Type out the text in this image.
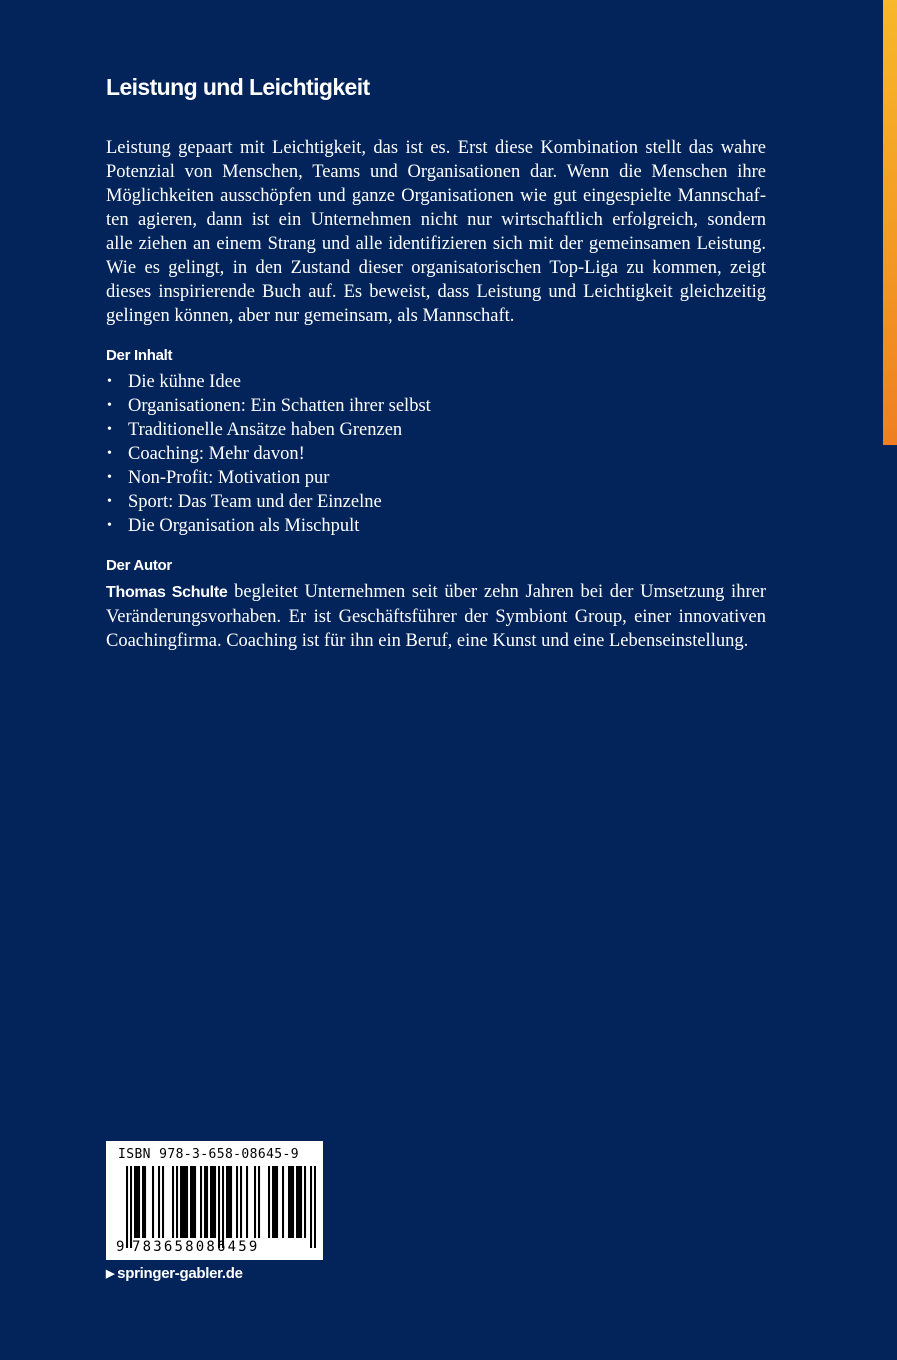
Leistung und Leichtigkeit

Leistung gepaart mit Leichtigkeit, das ist es. Erst diese Kombination stellt das wahre
Potenzial von Menschen, Teams und Organisationen dar. Wenn die Menschen ihre
Möglichkeiten ausschöpfen und ganze Organisationen wie gut eingespielte Mannschaf-
ten agieren, dann ist ein Unternehmen nicht nur wirtschaftlich erfolgreich, sondern
alle ziehen an einem Strang und alle identifizieren sich mit der gemeinsamen Leistung.
Wie es gelingt, in den Zustand dieser organisatorischen Top-Liga zu kommen, zeigt
dieses inspirierende Buch auf. Es beweist, dass Leistung und Leichtigkeit gleichzeitig
gelingen können, aber nur gemeinsam, als Mannschaft.

Der Inhalt
• Die kühne Idee
• Organisationen: Ein Schatten ihrer selbst
• Traditionelle Ansätze haben Grenzen
• Coaching: Mehr davon!
• Non-Profit: Motivation pur
• Sport: Das Team und der Einzelne
• Die Organisation als Mischpult
Der Autor

Thomas Schulte begleitet Unternehmen seit über zehn Jahren bei der Umsetzung ihrer
Veränderungsvorhaben. Er ist Geschäftsführer der Symbiont Group, einer innovativen
Coachingfirma. Coaching ist für ihn ein Beruf, eine Kunst und eine Lebenseinstellung.

ISBN 978-3-658-08645-9
9 783658086459
▶ springer-gabler.de
